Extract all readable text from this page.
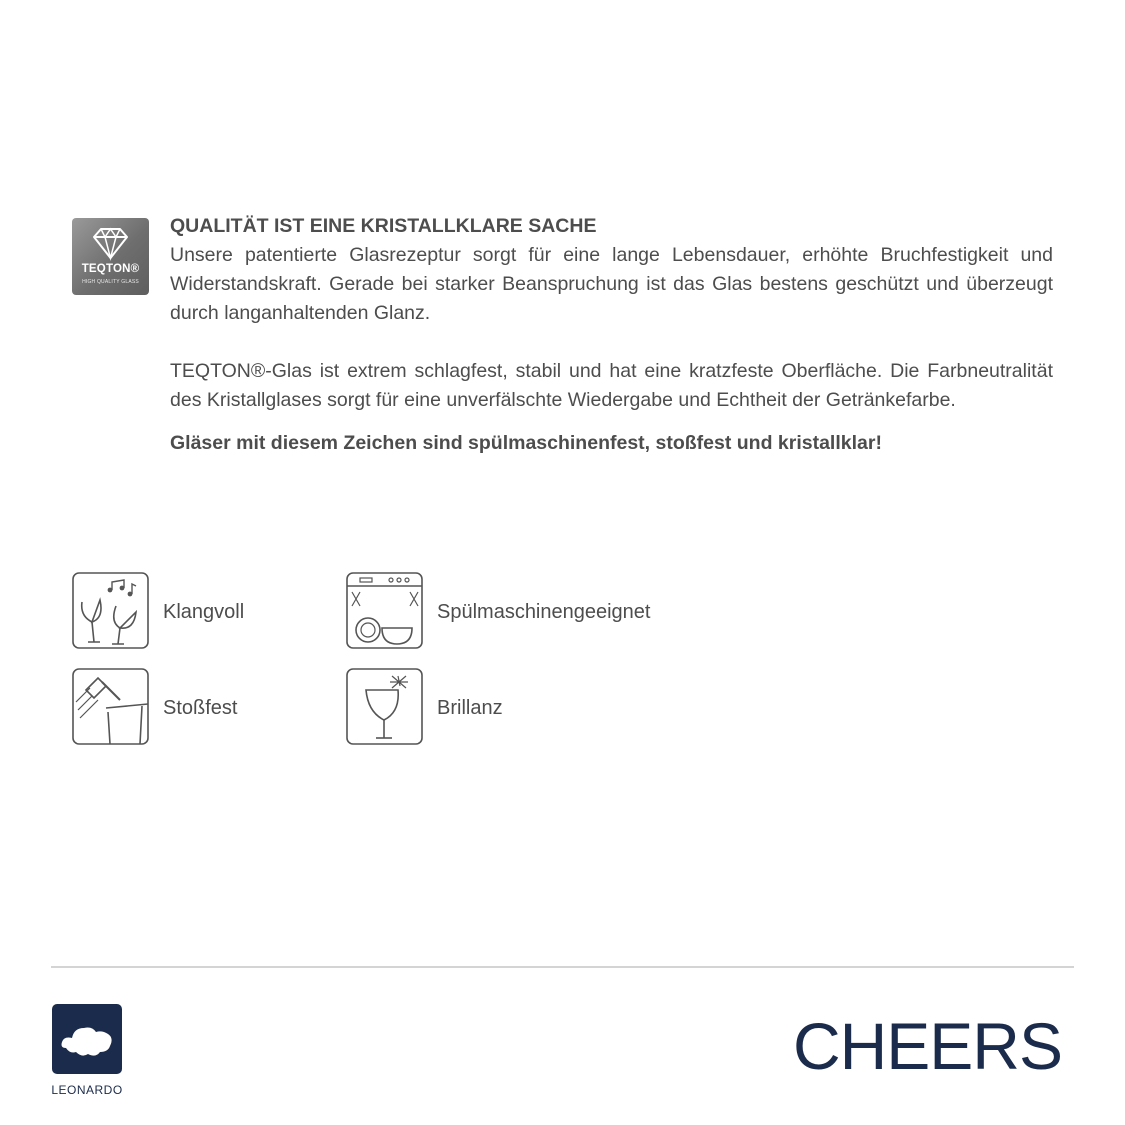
TEQTON®
HIGH QUALITY GLASS

QUALITÄT IST EINE KRISTALLKLARE SACHE

Unsere patentierte Glasrezeptur sorgt für eine lange Lebensdauer, erhöhte Bruchfestigkeit und Widerstandskraft. Gerade bei starker Beanspruchung ist das Glas bestens geschützt und überzeugt durch langanhaltenden Glanz.

TEQTON®-Glas ist extrem schlagfest, stabil und hat eine kratzfeste Oberfläche. Die Farbneutralität des Kristallglases sorgt für eine unverfälschte Wiedergabe und Echtheit der Getränkefarbe.

Gläser mit diesem Zeichen sind spülmaschinenfest, stoßfest und kristallklar!

Klangvoll	Spülmaschinengeeignet
Stoßfest	Brillanz
LEONARDO
CHEERS
